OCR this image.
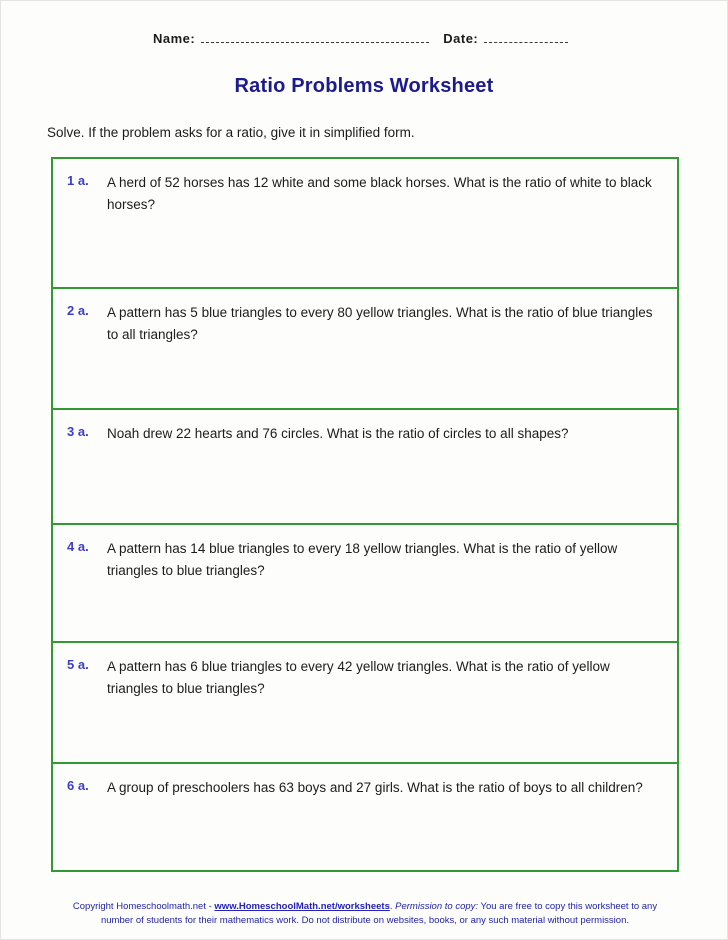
Name:	Date:
Ratio Problems Worksheet
Solve. If the problem asks for a ratio, give it in simplified form.
1 a.	A herd of 52 horses has 12 white and some black horses. What is the ratio of white to black horses?
2 a.	A pattern has 5 blue triangles to every 80 yellow triangles. What is the ratio of blue triangles to all triangles?
3 a.	Noah drew 22 hearts and 76 circles. What is the ratio of circles to all shapes?
4 a.	A pattern has 14 blue triangles to every 18 yellow triangles. What is the ratio of yellow triangles to blue triangles?
5 a.	A pattern has 6 blue triangles to every 42 yellow triangles. What is the ratio of yellow triangles to blue triangles?
6 a.	A group of preschoolers has 63 boys and 27 girls. What is the ratio of boys to all children?
Copyright Homeschoolmath.net - www.HomeschoolMath.net/worksheets. Permission to copy: You are free to copy this worksheet to any number of students for their mathematics work. Do not distribute on websites, books, or any such material without permission.
